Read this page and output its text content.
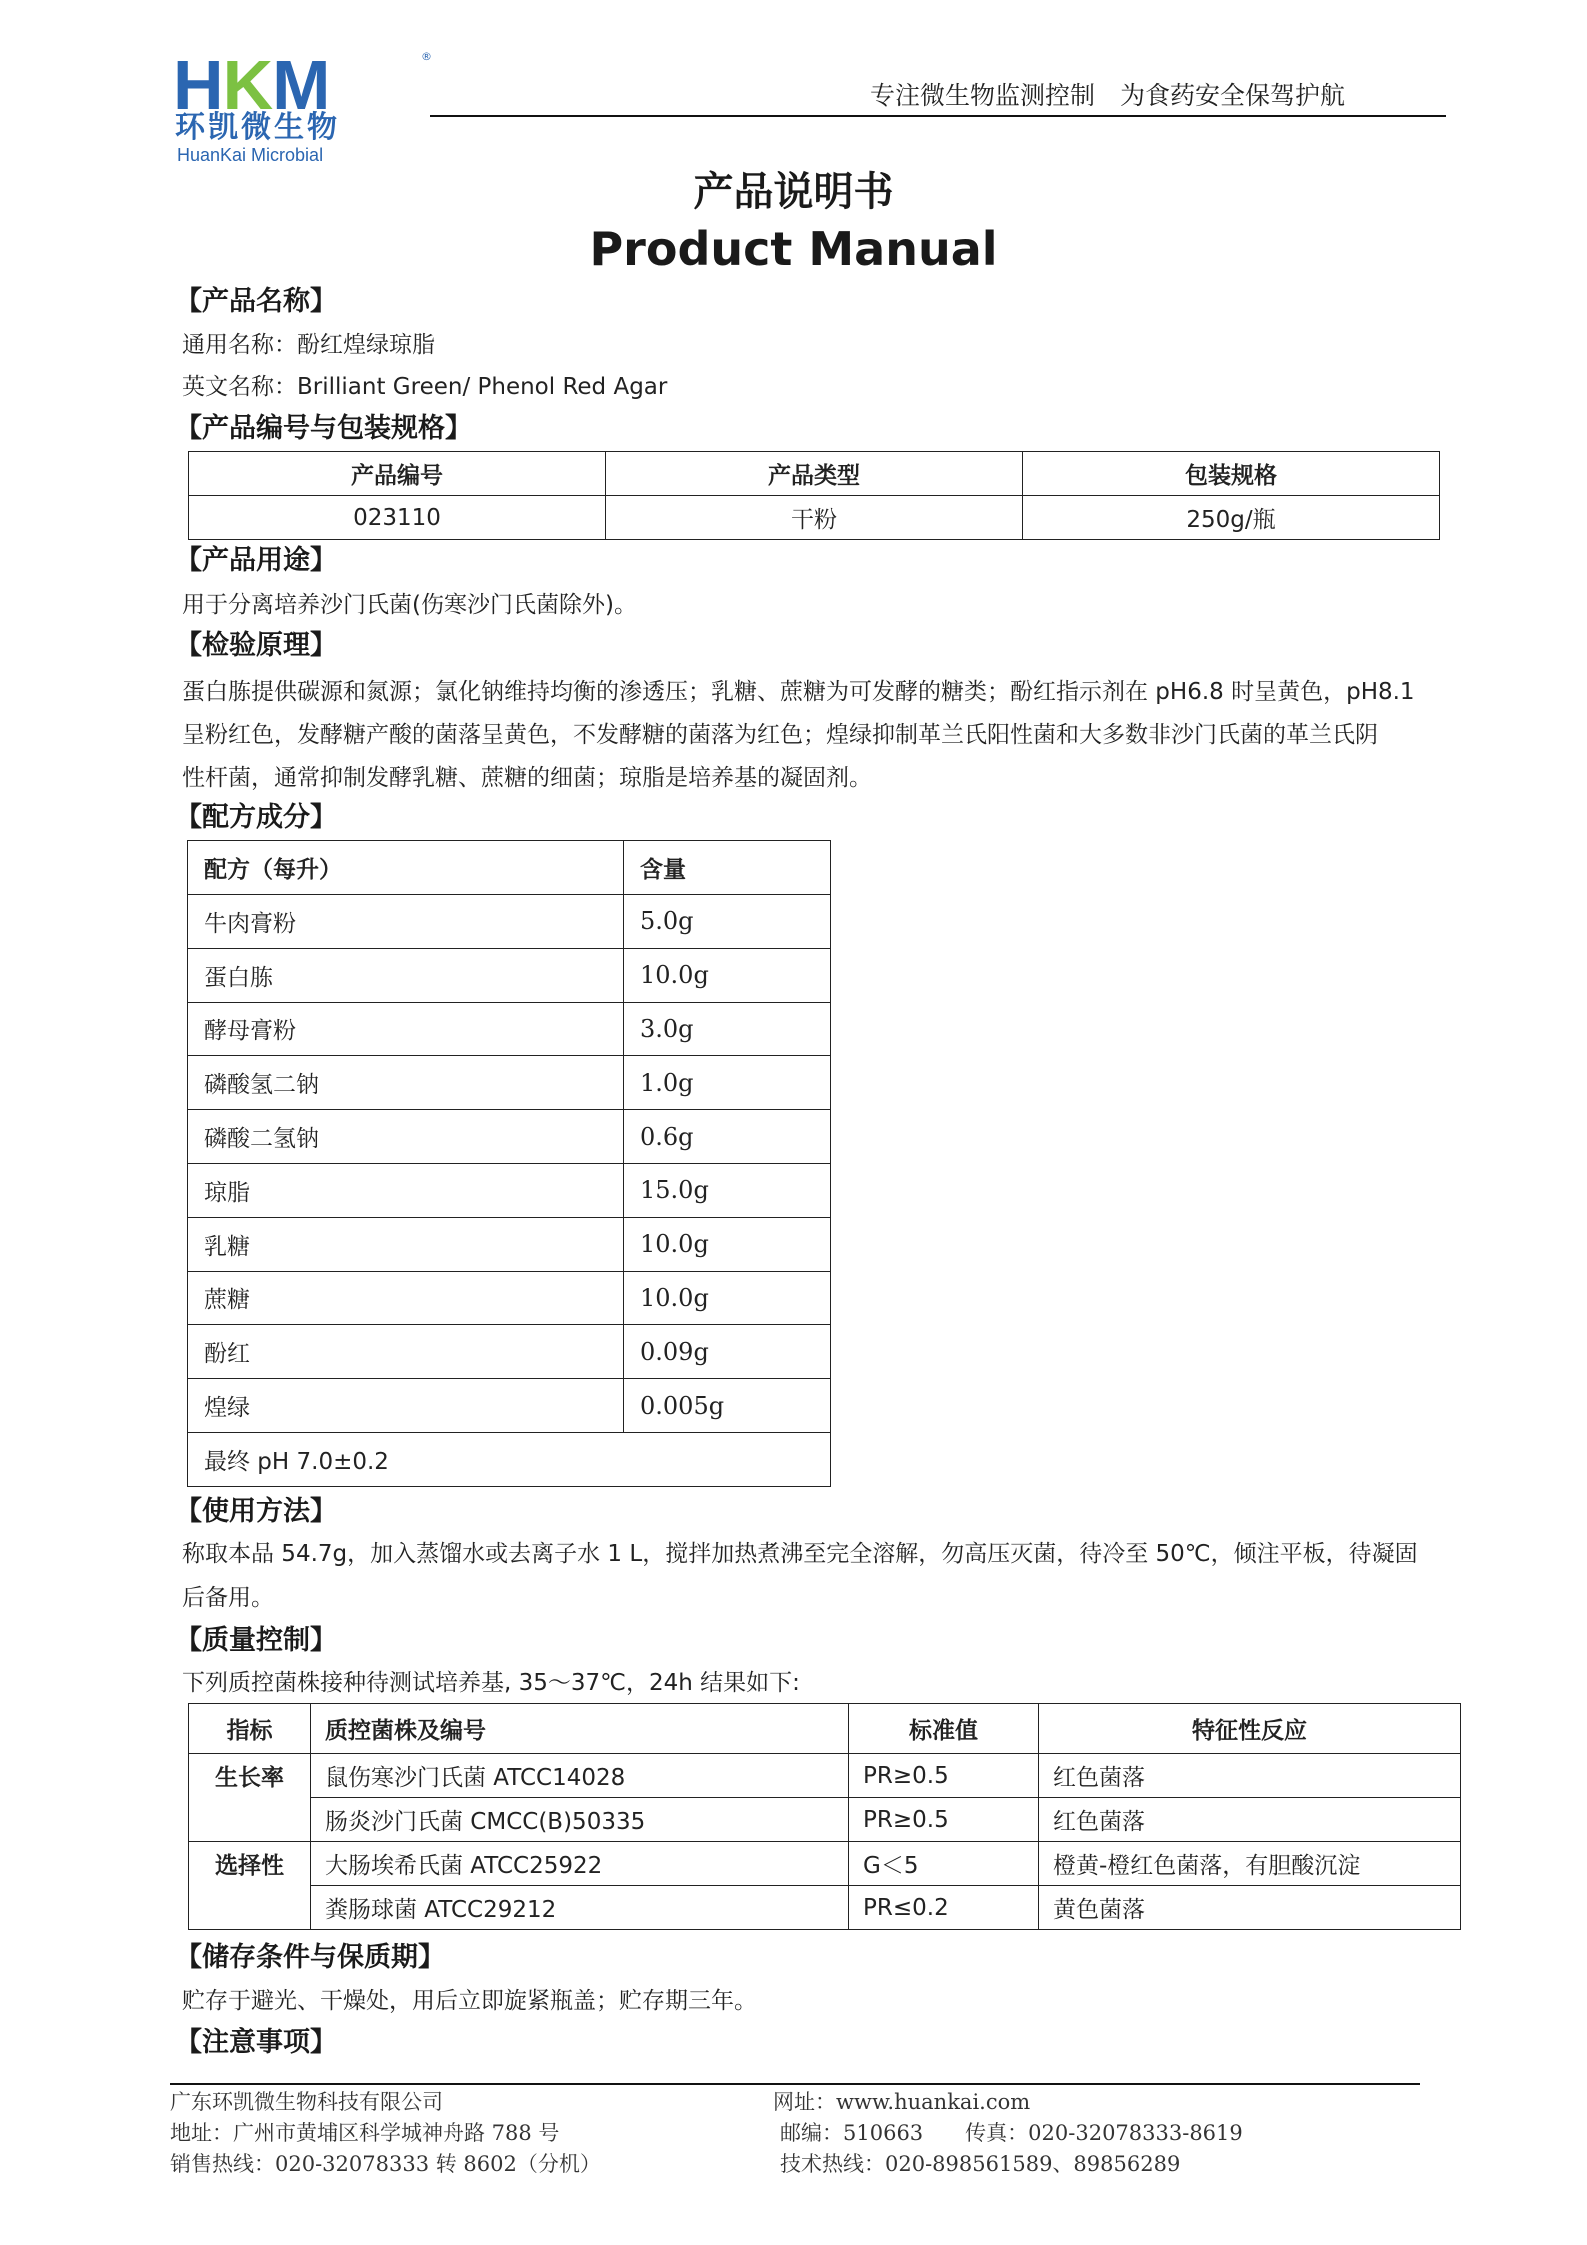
HKM	®
环凯微生物
HuanKai Microbial
专注微生物监测控制　为食药安全保驾护航
产品说明书
Product Manual
【产品名称】
通用名称：酚红煌绿琼脂
英文名称：Brilliant Green/ Phenol Red Agar
【产品编号与包装规格】
产品编号	产品类型	包装规格
023110	干粉	250g/瓶
【产品用途】
用于分离培养沙门氏菌(伤寒沙门氏菌除外)。
【检验原理】
蛋白胨提供碳源和氮源；氯化钠维持均衡的渗透压；乳糖、蔗糖为可发酵的糖类；酚红指示剂在 pH6.8 时呈黄色，pH8.1
呈粉红色，发酵糖产酸的菌落呈黄色，不发酵糖的菌落为红色；煌绿抑制革兰氏阳性菌和大多数非沙门氏菌的革兰氏阴
性杆菌，通常抑制发酵乳糖、蔗糖的细菌；琼脂是培养基的凝固剂。
【配方成分】
配方（每升）	含量
牛肉膏粉	5.0g
蛋白胨	10.0g
酵母膏粉	3.0g
磷酸氢二钠	1.0g
磷酸二氢钠	0.6g
琼脂	15.0g
乳糖	10.0g
蔗糖	10.0g
酚红	0.09g
煌绿	0.005g
最终 pH 7.0±0.2	
【使用方法】
称取本品 54.7g，加入蒸馏水或去离子水 1 L，搅拌加热煮沸至完全溶解，勿高压灭菌，待冷至 50℃，倾注平板，待凝固
后备用。
【质量控制】
下列质控菌株接种待测试培养基, 35～37℃，24h 结果如下:
指标	质控菌株及编号	标准值	特征性反应
生长率	鼠伤寒沙门氏菌 ATCC14028	PR≥0.5	红色菌落
	肠炎沙门氏菌 CMCC(B)50335	PR≥0.5	红色菌落
选择性	大肠埃希氏菌 ATCC25922	G＜5	橙黄-橙红色菌落，有胆酸沉淀
	粪肠球菌 ATCC29212	PR≤0.2	黄色菌落
【储存条件与保质期】
贮存于避光、干燥处，用后立即旋紧瓶盖；贮存期三年。
【注意事项】
广东环凯微生物科技有限公司
地址：广州市黄埔区科学城神舟路 788 号
销售热线：020-32078333 转 8602（分机）
网址：www.huankai.com
邮编：510663　　传真：020-32078333-8619
技术热线：020-898561589、89856289
